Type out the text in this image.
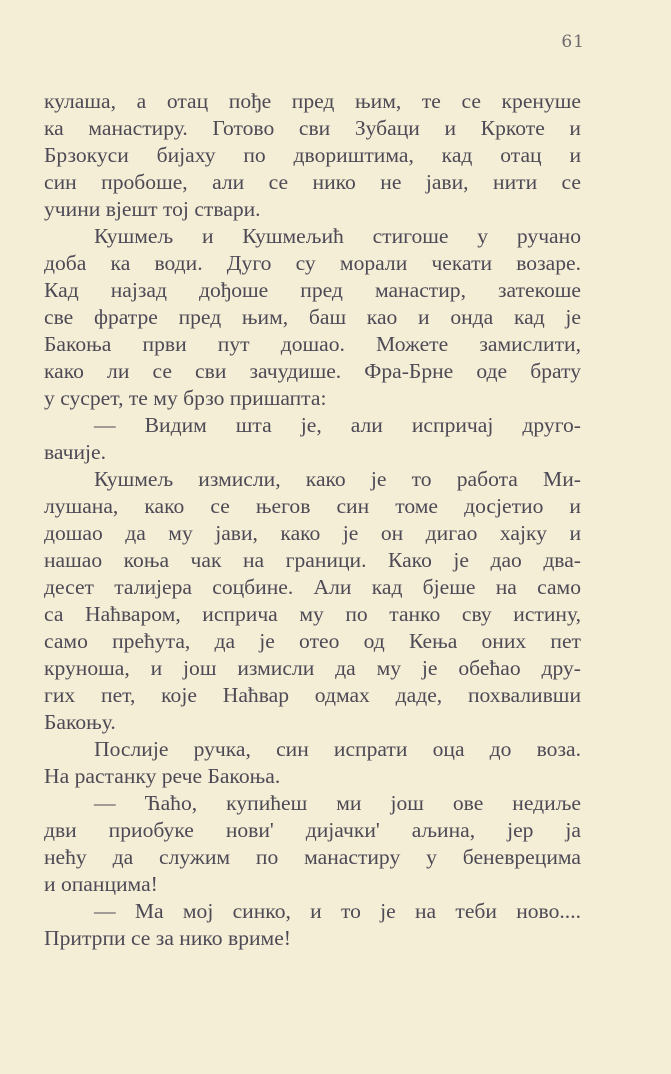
61
кулаша, а отац пође пред њим, те се кренуше
ка манастиру. Готово сви Зубаци и Кркоте и
Брзокуси бијаху по двориштима, кад отац и
син пробоше, али се нико не јави, нити се
учини вјешт тој ствари.
Кушмељ и Кушмељић стигоше у ручано
доба ка води. Дуго су морали чекати возаре.
Кад најзад дођоше пред манастир, затекоше
све фратре пред њим, баш као и онда кад је
Бакоња први пут дошао. Можете замислити,
како ли се сви зачудише. Фра-Брне оде брату
у сусрет, те му брзо пришапта:
— Видим шта је, али испричај друго-
вачије.
Кушмељ измисли, како је то работа Ми-
лушана, како се његов син томе досјетио и
дошао да му јави, како је он дигао хајку и
нашао коња чак на граници. Како је дао два-
десет талијера соцбине. Али кад бјеше на само
са Наћваром, исприча му по танко сву истину,
само прећута, да је отео од Кења оних пет
круноша, и још измисли да му је обећао дру-
гих пет, које Наћвар одмах даде, похваливши
Бакоњу.
Послије ручка, син испрати оца до воза.
На растанку рече Бакоња.
— Ћаћо, купићеш ми још ове недиље
дви приобуке нови' дијачки' аљина, јер ја
нећу да служим по манастиру у беневрецима
и опанцима!
— Ма мој синко, и то је на теби ново....
Притрпи се за нико вриме!
